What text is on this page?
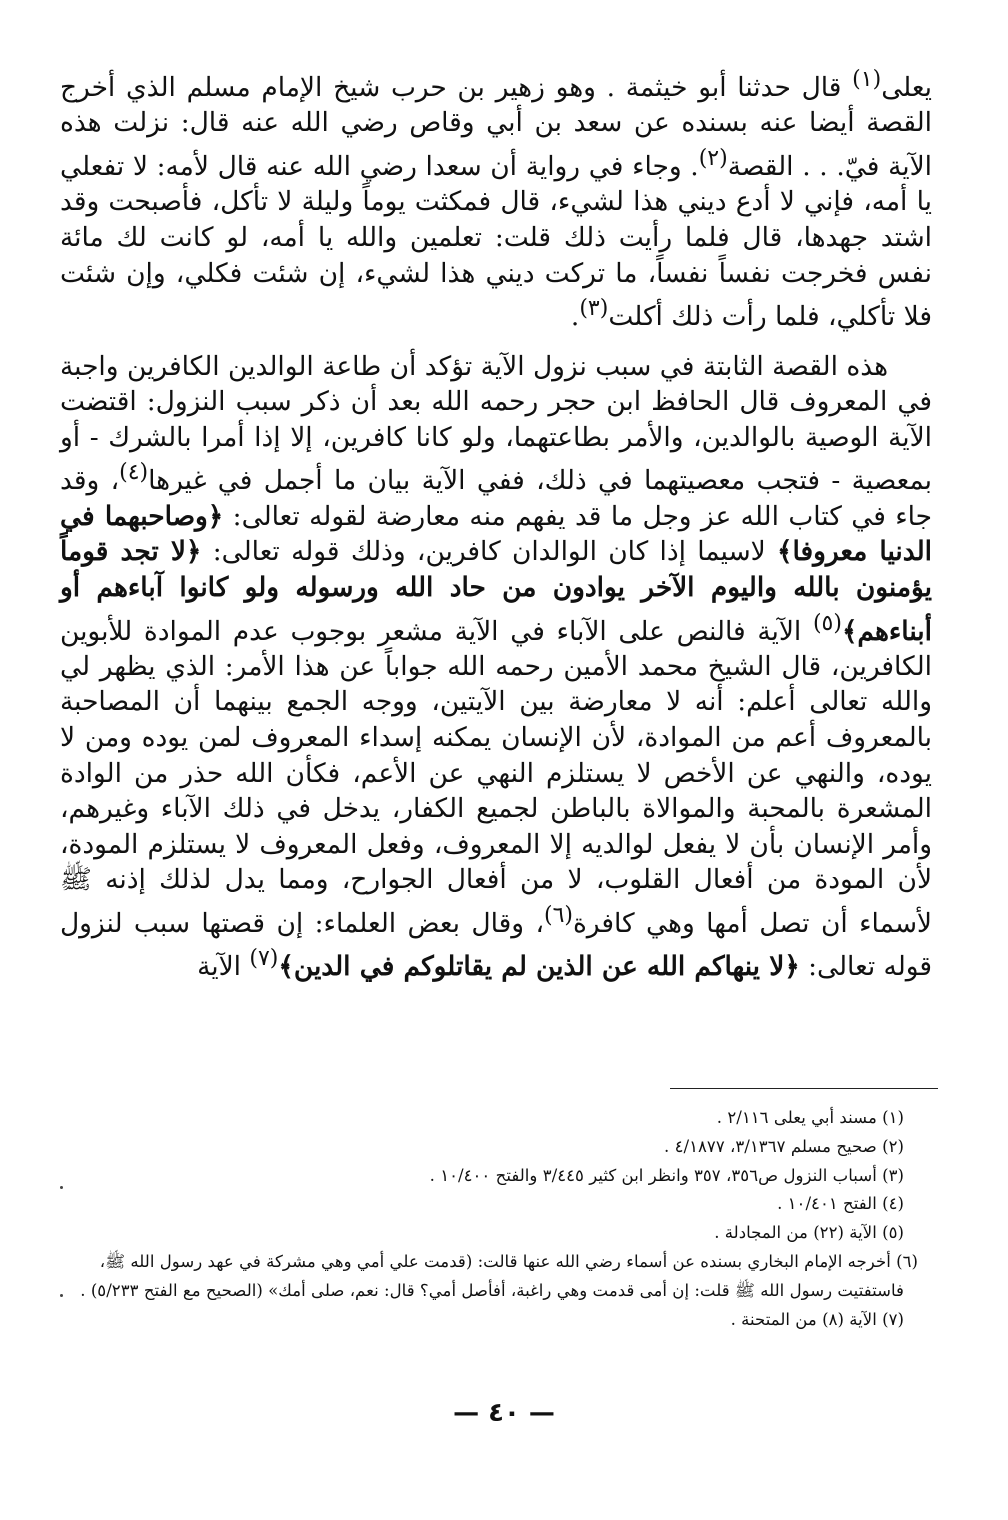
يعلى$^{(١)}$ قال حدثنا أبو خيثمة . وهو زهير بن حرب شيخ الإمام مسلم الذي أخرج القصة أيضا عنه بسنده عن سعد بن أبي وقاص رضي الله عنه قال: نزلت هذه الآية فيّ. . . القصة$^{(٢)}$. وجاء في رواية أن سعدا رضي الله عنه قال لأمه: لا تفعلي يا أمه، فإني لا أدع ديني هذا لشيء، قال فمكثت يوماً وليلة لا تأكل، فأصبحت وقد اشتد جهدها، قال فلما رأيت ذلك قلت: تعلمين والله يا أمه، لو كانت لك مائة نفس فخرجت نفساً نفساً، ما تركت ديني هذا لشيء، إن شئت فكلي، وإن شئت فلا تأكلي، فلما رأت ذلك أكلت$^{(٣)}$.

هذه القصة الثابتة في سبب نزول الآية تؤكد أن طاعة الوالدين الكافرين واجبة في المعروف قال الحافظ ابن حجر رحمه الله بعد أن ذكر سبب النزول: اقتضت الآية الوصية بالوالدين، والأمر بطاعتهما، ولو كانا كافرين، إلا إذا أمرا بالشرك - أو بمعصية - فتجب معصيتهما في ذلك، ففي الآية بيان ما أجمل في غيرها$^{(٤)}$، وقد جاء في كتاب الله عز وجل ما قد يفهم منه معارضة لقوله تعالى: ﴿وصاحبهما في الدنيا معروفا﴾ لاسيما إذا كان الوالدان كافرين، وذلك قوله تعالى: ﴿لا تجد قوماً يؤمنون بالله واليوم الآخر يوادون من حاد الله ورسوله ولو كانوا آباءهم أو أبناءهم﴾$^{(٥)}$ الآية فالنص على الآباء في الآية مشعر بوجوب عدم الموادة للأبوين الكافرين، قال الشيخ محمد الأمين رحمه الله جواباً عن هذا الأمر: الذي يظهر لي والله تعالى أعلم: أنه لا معارضة بين الآيتين، ووجه الجمع بينهما أن المصاحبة بالمعروف أعم من الموادة، لأن الإنسان يمكنه إسداء المعروف لمن يوده ومن لا يوده، والنهي عن الأخص لا يستلزم النهي عن الأعم، فكأن الله حذر من الوادة المشعرة بالمحبة والموالاة بالباطن لجميع الكفار، يدخل في ذلك الآباء وغيرهم، وأمر الإنسان بأن لا يفعل لوالديه إلا المعروف، وفعل المعروف لا يستلزم المودة، لأن المودة من أفعال القلوب، لا من أفعال الجوارح، ومما يدل لذلك إذنه ﷺ لأسماء أن تصل أمها وهي كافرة$^{(٦)}$، وقال بعض العلماء: إن قصتها سبب لنزول قوله تعالى: ﴿لا ينهاكم الله عن الذين لم يقاتلوكم في الدين﴾$^{(٧)}$ الآية

(١) مسند أبي يعلى ٢/١١٦ .

(٢) صحيح مسلم ٣/١٣٦٧، ٤/١٨٧٧ .

(٣) أسباب النزول ص٣٥٦، ٣٥٧ وانظر ابن كثير ٣/٤٤٥ والفتح ١٠/٤٠٠ .

(٤) الفتح ١٠/٤٠١ .

(٥) الآية (٢٢) من المجادلة .

(٦) أخرجه الإمام البخاري بسنده عن أسماء رضي الله عنها قالت: (قدمت علي أمي وهي مشركة في عهد رسول الله ﷺ، فاستفتيت رسول الله ﷺ قلت: إن أمى قدمت وهي راغبة، أفأصل أمي؟ قال: نعم، صلى أمك» (الصحيح مع الفتح ٥/٢٣٣) .

(٧) الآية (٨) من المتحنة .

— ٤٠ —
